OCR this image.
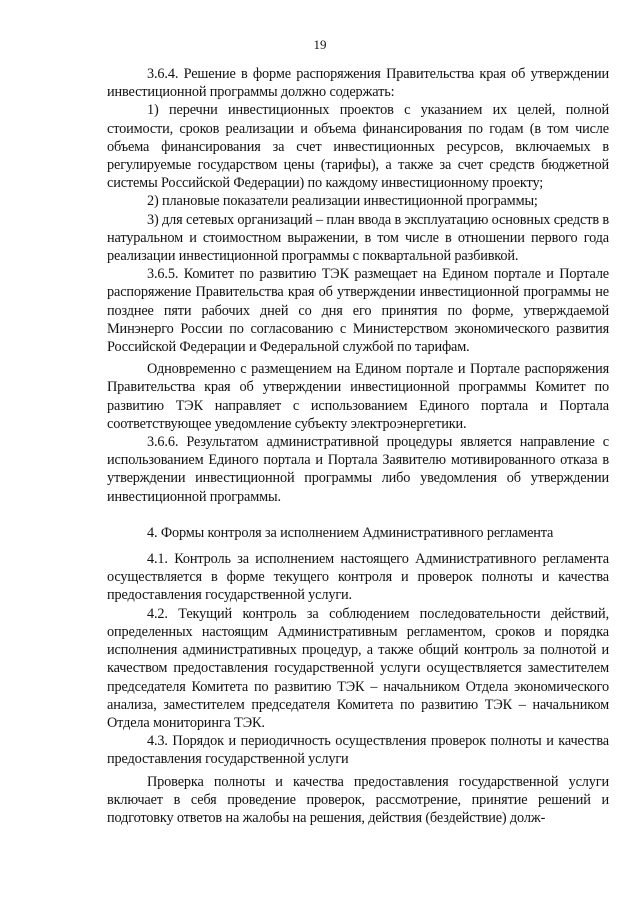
19

3.6.4. Решение в форме распоряжения Правительства края об утверждении инвестиционной программы должно содержать:

1) перечни инвестиционных проектов с указанием их целей, полной стоимости, сроков реализации и объема финансирования по годам (в том числе объема финансирования за счет инвестиционных ресурсов, включаемых в регулируемые государством цены (тарифы), а также за счет средств бюджетной системы Российской Федерации) по каждому инвестиционному проекту;

2) плановые показатели реализации инвестиционной программы;

3) для сетевых организаций – план ввода в эксплуатацию основных средств в натуральном и стоимостном выражении, в том числе в отношении первого года реализации инвестиционной программы с поквартальной разбивкой.

3.6.5. Комитет по развитию ТЭК размещает на Едином портале и Портале распоряжение Правительства края об утверждении инвестиционной программы не позднее пяти рабочих дней со дня его принятия по форме, утверждаемой Минэнерго России по согласованию с Министерством экономического развития Российской Федерации и Федеральной службой по тарифам.

Одновременно с размещением на Едином портале и Портале распоряжения Правительства края об утверждении инвестиционной программы Комитет по развитию ТЭК направляет с использованием Единого портала и Портала соответствующее уведомление субъекту электроэнергетики.

3.6.6. Результатом административной процедуры является направление с использованием Единого портала и Портала Заявителю мотивированного отказа в утверждении инвестиционной программы либо уведомления об утверждении инвестиционной программы.

4. Формы контроля за исполнением Административного регламента

4.1. Контроль за исполнением настоящего Административного регламента осуществляется в форме текущего контроля и проверок полноты и качества предоставления государственной услуги.

4.2. Текущий контроль за соблюдением последовательности действий, определенных настоящим Административным регламентом, сроков и порядка исполнения административных процедур, а также общий контроль за полнотой и качеством предоставления государственной услуги осуществляется заместителем председателя Комитета по развитию ТЭК – начальником Отдела экономического анализа, заместителем председателя Комитета по развитию ТЭК – начальником Отдела мониторинга ТЭК.

4.3. Порядок и периодичность осуществления проверок полноты и качества предоставления государственной услуги

Проверка полноты и качества предоставления государственной услуги включает в себя проведение проверок, рассмотрение, принятие решений и подготовку ответов на жалобы на решения, действия (бездействие) долж-
